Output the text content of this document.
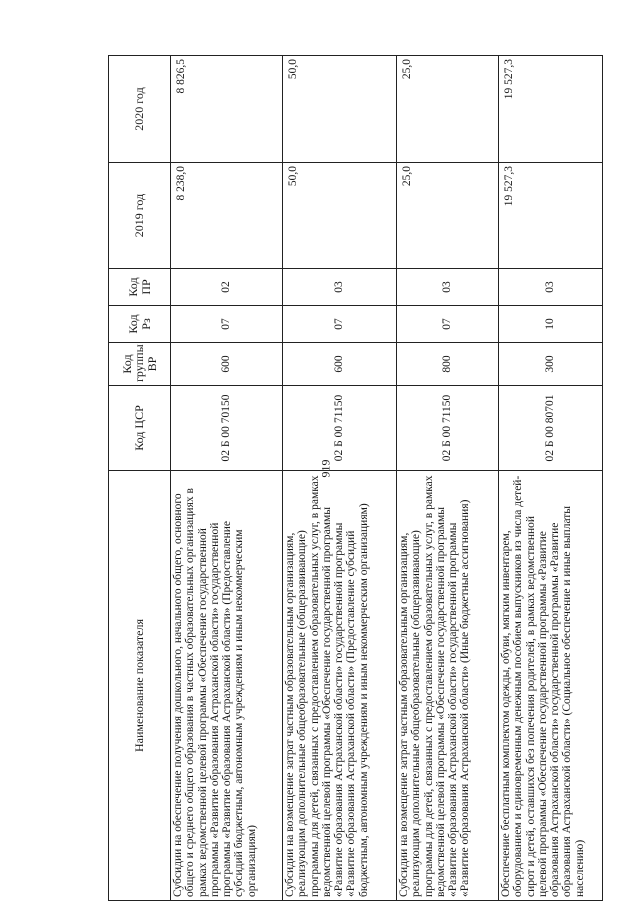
919
Наименование показателя	Код ЦСР	Код группы ВР	Код Рз	Код ПР	2019 год	2020 год
Субсидии на обеспечение получения дошкольного, начального общего, основного общего и среднего общего образования в частных образовательных организациях в рамках ведомственной целевой программы «Обеспечение государственной программы «Развитие образования Астраханской области» государственной программы «Развитие образования Астраханской области» (Предоставление субсидий бюджетным, автономным учреждениям и иным некоммерческим организациям)	02 Б 00 70150	600	07	02	8 238,0	8 826,5
Субсидии на возмещение затрат частным образовательным организациям, реализующим дополнительные общеобразовательные (общеразвивающие) программы для детей, связанных с предоставлением образовательных услуг, в рамках ведомственной целевой программы «Обеспечение государственной программы «Развитие образования Астраханской области» государственной программы «Развитие образования Астраханской области» (Предоставление субсидий бюджетным, автономным учреждениям и иным некоммерческим организациям)	02 Б 00 71150	600	07	03	50,0	50,0
Субсидии на возмещение затрат частным образовательным организациям, реализующим дополнительные общеобразовательные (общеразвивающие) программы для детей, связанных с предоставлением образовательных услуг, в рамках ведомственной целевой программы «Обеспечение государственной программы «Развитие образования Астраханской области» государственной программы «Развитие образования Астраханской области» (Иные бюджетные ассигнования)	02 Б 00 71150	800	07	03	25,0	25,0
Обеспечение бесплатным комплектом одежды, обуви, мягким инвентарем, оборудованием и единовременным денежным пособием выпускников из числа детей-сирот и детей, оставшихся без попечения родителей, в рамках ведомственной целевой программы «Обеспечение государственной программы «Развитие образования Астраханской области» государственной программы «Развитие образования Астраханской области» (Социальное обеспечение и иные выплаты населению)	02 Б 00 80701	300	10	03	19 527,3	19 527,3
